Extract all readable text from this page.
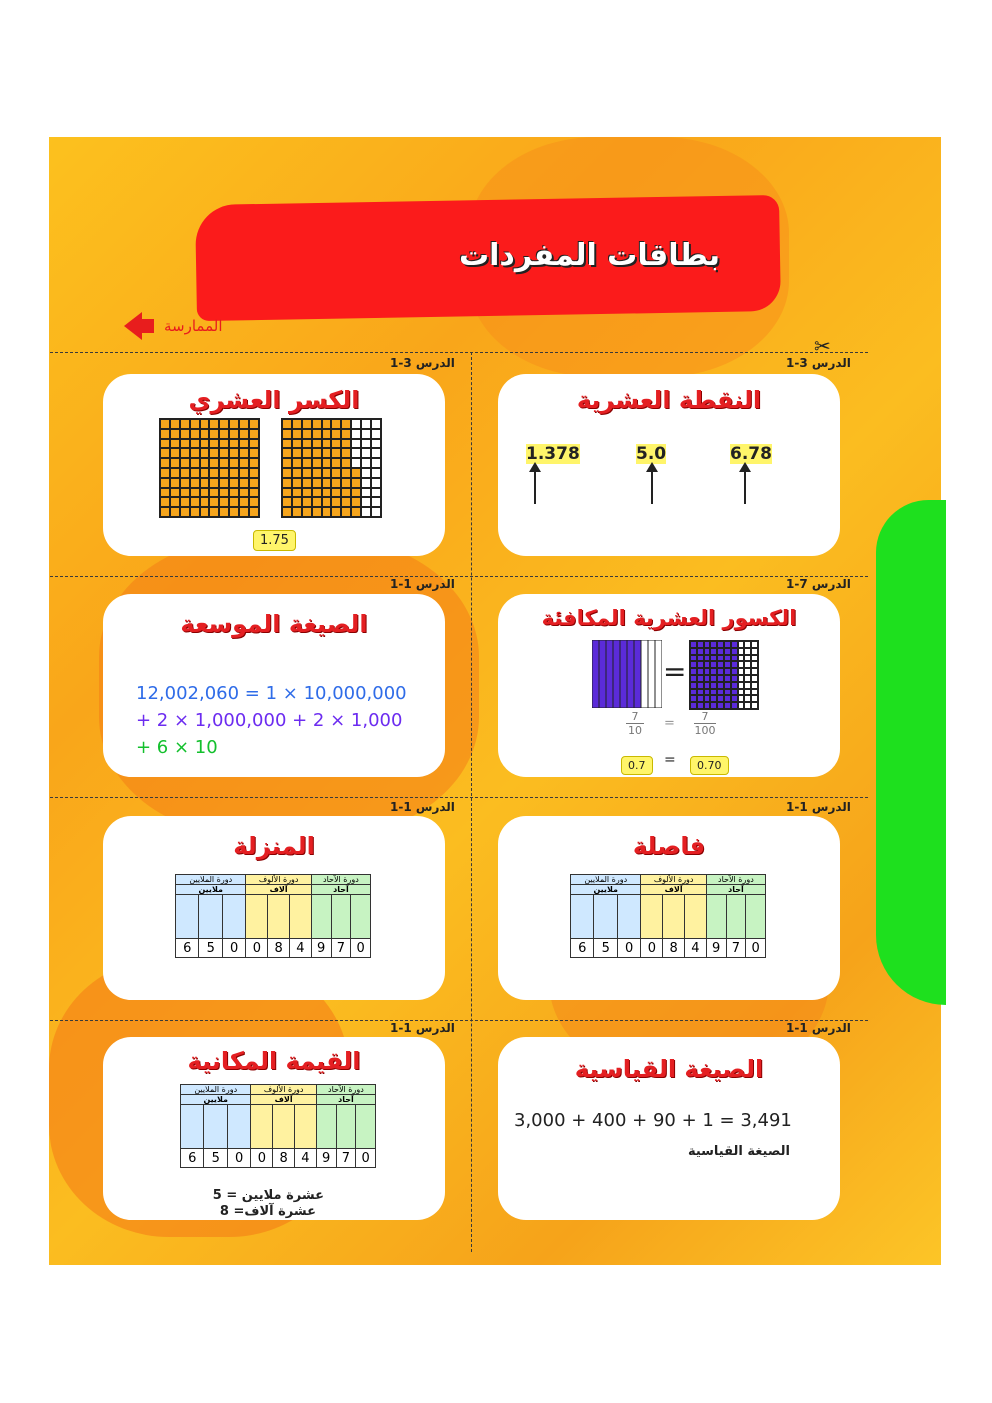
بطاقات المفردات
الممارسة
✂
الدرس 3-1
الدرس 3-1
الدرس 7-1
الدرس 1-1
الدرس 1-1
الدرس 1-1
الدرس 1-1
الدرس 1-1
النقطة العشرية
1.378	5.0	6.78
الكسر العشري
1.75
الكسور العشرية المكافئة
=
7
10 =	7
100
0.7	=	0.70
الصيغة الموسعة
12,002,060 = 1 × 10,000,000
+ 2 × 1,000,000 + 2 × 1,000
+ 6 × 10
فاصلة
المنزلة
الصيغة القياسية
3,000 + 400 + 90 + 1 = 3,491
الصيغة القياسية
القيمة المكانية
5 = عشرة ملايين
8 =عشرة آلاف
دورة الملايين			دورة الألوف			دورة الآحاد		
ملايين			آلاف			آحاد		

6	5	0	0	8	4	9	7	0
دورة الملايين			دورة الألوف			دورة الآحاد		
ملايين			آلاف			آحاد		

6	5	0	0	8	4	9	7	0
دورة الملايين			دورة الألوف			دورة الآحاد		
ملايين			آلاف			آحاد		

6	5	0	0	8	4	9	7	0
